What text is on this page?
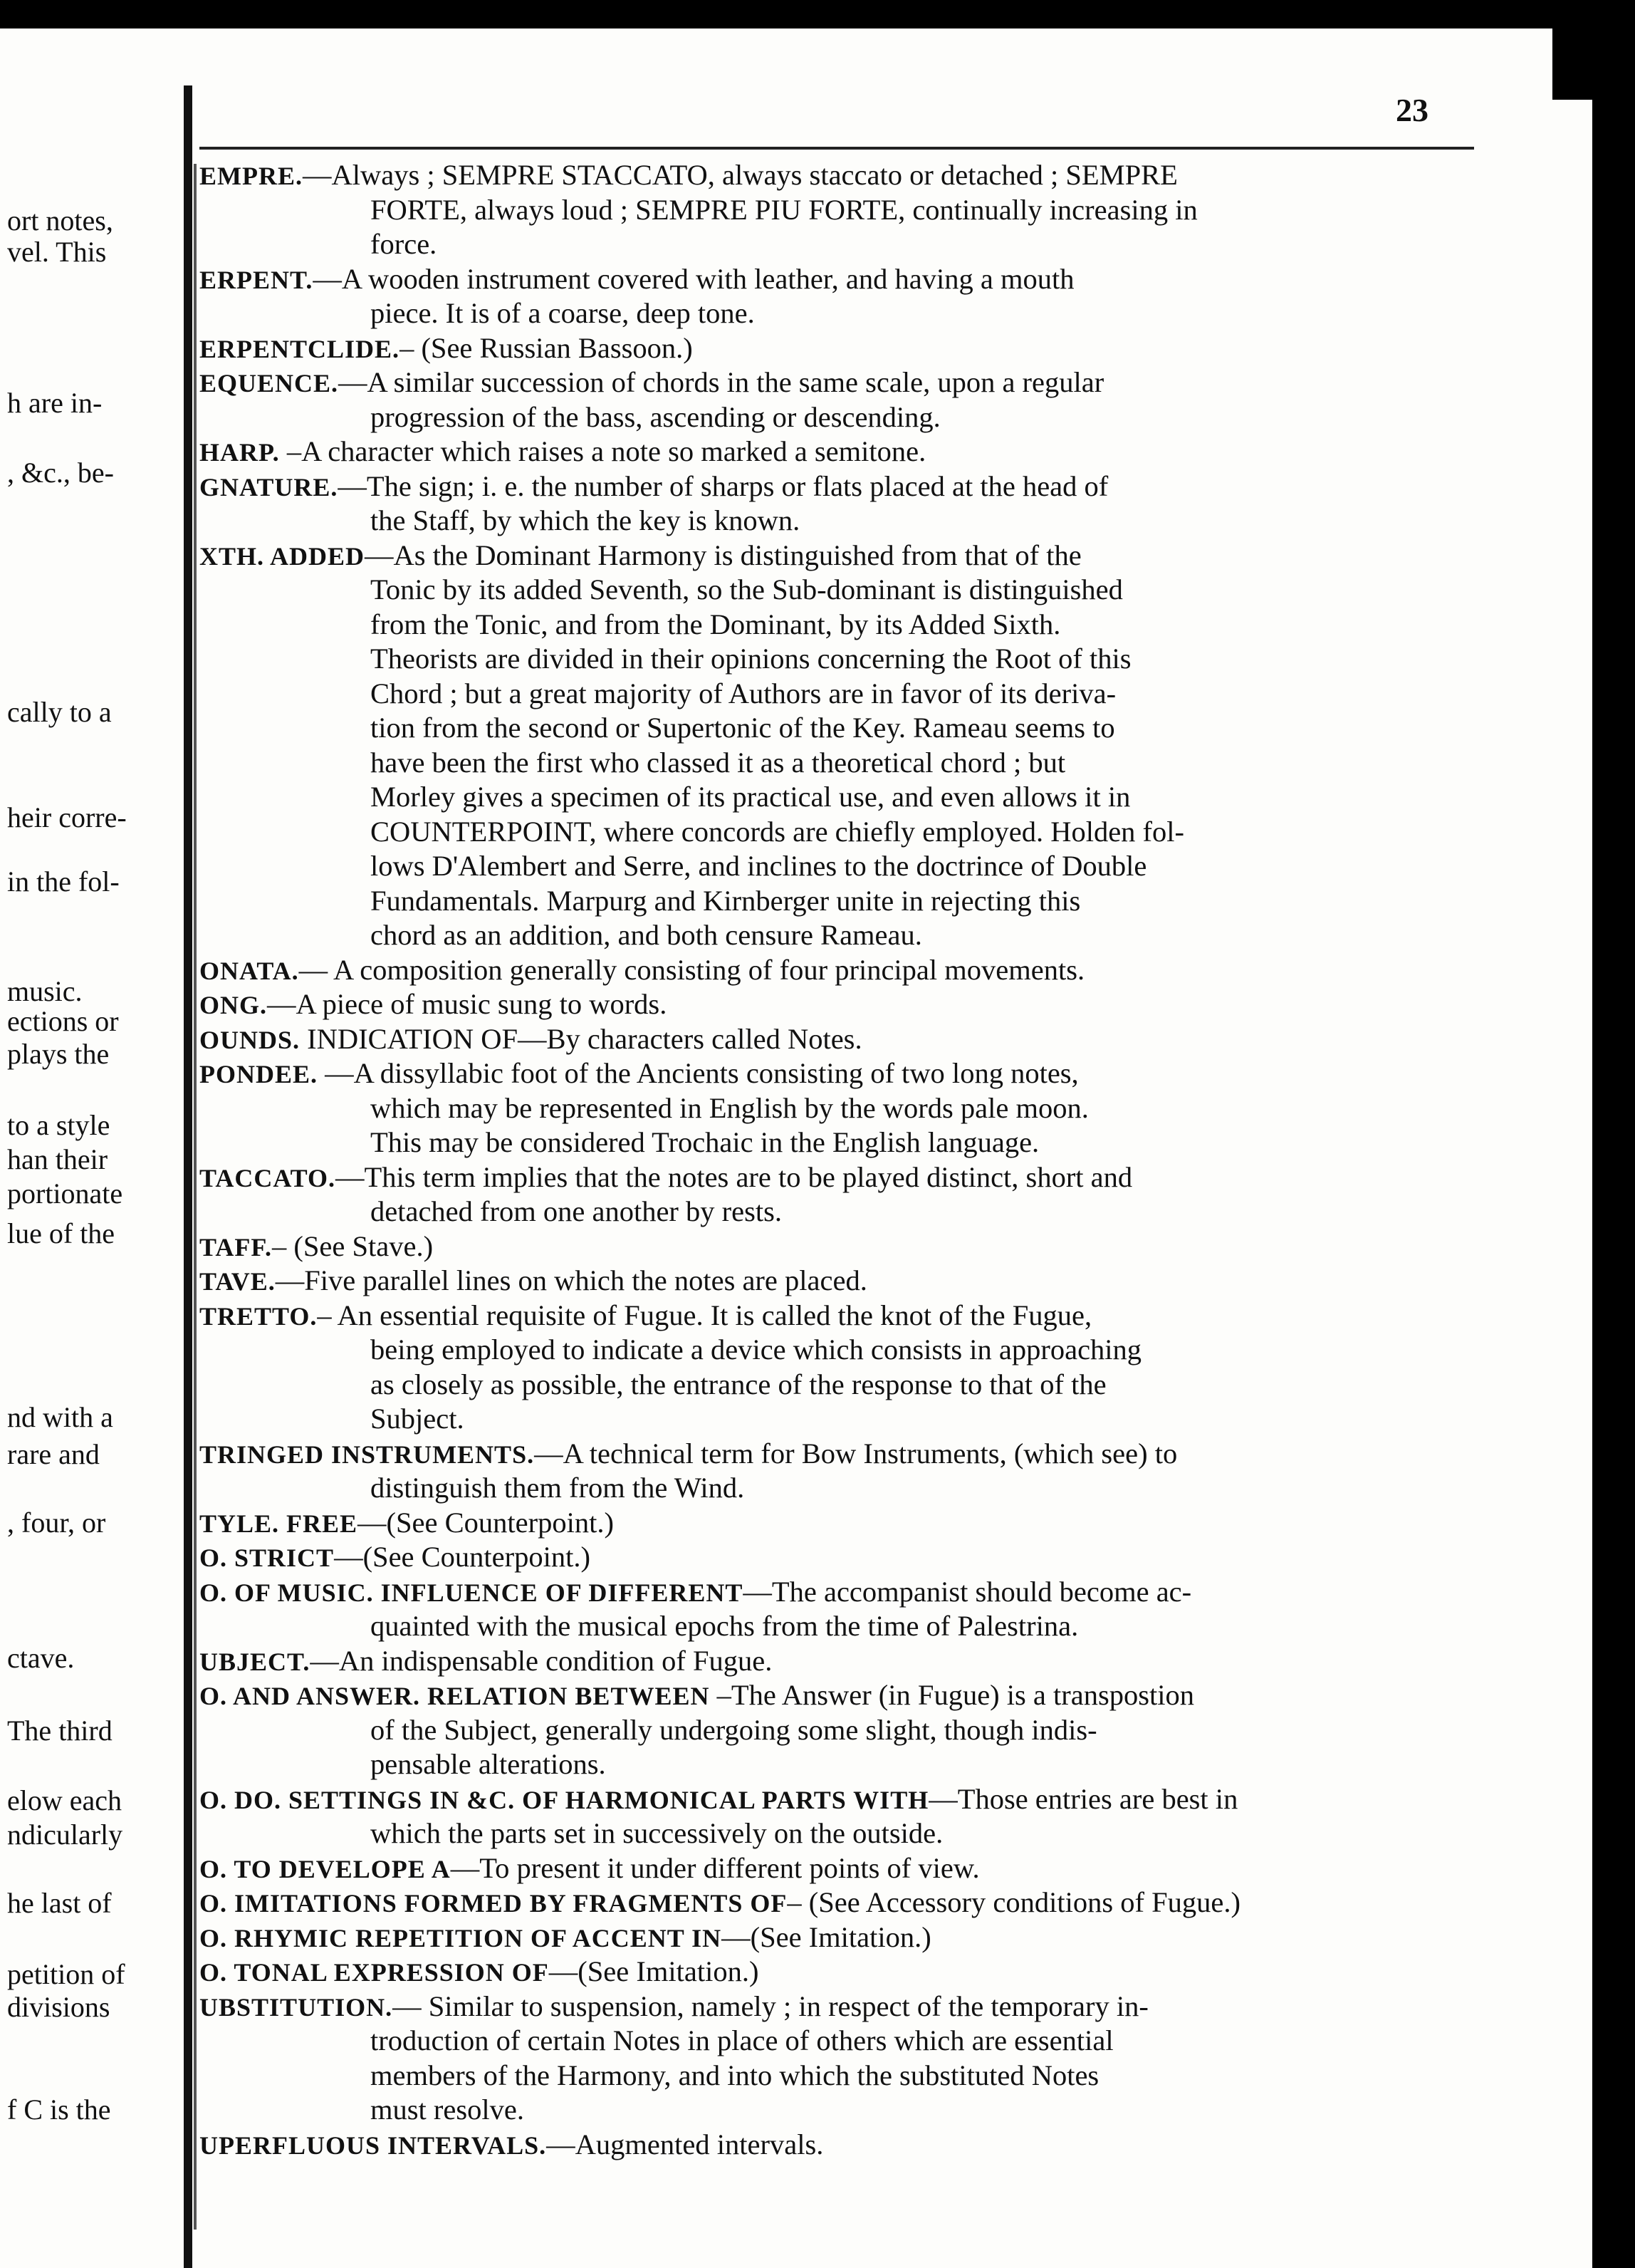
ort notes,
vel. This
h are in-
, &c., be-
cally to a
heir corre-
in the fol-
music.
ections or
plays the
to a style
han their
portionate
lue of the
nd with a
rare and
, four, or
ctave.
The third
elow each
ndicularly
he last of
petition of
divisions
f C is the
23
EMPRE.—Always ; SEMPRE STACCATO, always staccato or detached ; SEMPRE
FORTE, always loud ; SEMPRE PIU FORTE, continually increasing in
force.
ERPENT.—A wooden instrument covered with leather, and having a mouth
piece. It is of a coarse, deep tone.
ERPENTCLIDE.– (See Russian Bassoon.)
EQUENCE.—A similar succession of chords in the same scale, upon a regular
progression of the bass, ascending or descending.
HARP. –A character which raises a note so marked a semitone.
GNATURE.—The sign; i. e. the number of sharps or flats placed at the head of
the Staff, by which the key is known.
XTH. ADDED—As the Dominant Harmony is distinguished from that of the
Tonic by its added Seventh, so the Sub-dominant is distinguished
from the Tonic, and from the Dominant, by its Added Sixth.
Theorists are divided in their opinions concerning the Root of this
Chord ; but a great majority of Authors are in favor of its deriva-
tion from the second or Supertonic of the Key. Rameau seems to
have been the first who classed it as a theoretical chord ; but
Morley gives a specimen of its practical use, and even allows it in
COUNTERPOINT, where concords are chiefly employed. Holden fol-
lows D'Alembert and Serre, and inclines to the doctrince of Double
Fundamentals. Marpurg and Kirnberger unite in rejecting this
chord as an addition, and both censure Rameau.
ONATA.— A composition generally consisting of four principal movements.
ONG.—A piece of music sung to words.
OUNDS. INDICATION OF—By characters called Notes.
PONDEE. —A dissyllabic foot of the Ancients consisting of two long notes,
which may be represented in English by the words pale moon.
This may be considered Trochaic in the English language.
TACCATO.—This term implies that the notes are to be played distinct, short and
detached from one another by rests.
TAFF.– (See Stave.)
TAVE.—Five parallel lines on which the notes are placed.
TRETTO.– An essential requisite of Fugue. It is called the knot of the Fugue,
being employed to indicate a device which consists in approaching
as closely as possible, the entrance of the response to that of the
Subject.
TRINGED INSTRUMENTS.—A technical term for Bow Instruments, (which see) to
distinguish them from the Wind.
TYLE. FREE—(See Counterpoint.)
O. STRICT—(See Counterpoint.)
O. OF MUSIC. INFLUENCE OF DIFFERENT—The accompanist should become ac-
quainted with the musical epochs from the time of Palestrina.
UBJECT.—An indispensable condition of Fugue.
O. AND ANSWER. RELATION BETWEEN –The Answer (in Fugue) is a transpostion
of the Subject, generally undergoing some slight, though indis-
pensable alterations.
O. DO. SETTINGS IN &C. OF HARMONICAL PARTS WITH—Those entries are best in
which the parts set in successively on the outside.
O. TO DEVELOPE A—To present it under different points of view.
O. IMITATIONS FORMED BY FRAGMENTS OF– (See Accessory conditions of Fugue.)
O. RHYMIC REPETITION OF ACCENT IN—(See Imitation.)
O. TONAL EXPRESSION OF—(See Imitation.)
UBSTITUTION.— Similar to suspension, namely ; in respect of the temporary in-
troduction of certain Notes in place of others which are essential
members of the Harmony, and into which the substituted Notes
must resolve.
UPERFLUOUS INTERVALS.—Augmented intervals.
